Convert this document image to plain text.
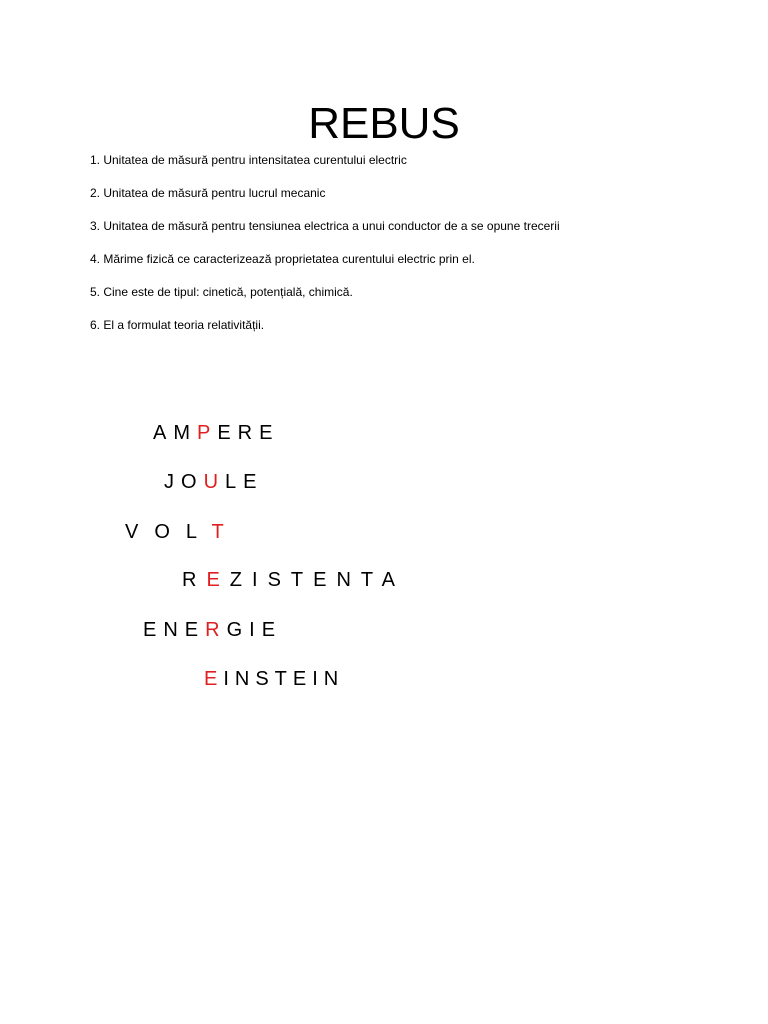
REBUS
1. Unitatea de măsură pentru intensitatea curentului electric
2. Unitatea de măsură pentru lucrul mecanic
3. Unitatea de măsură pentru tensiunea electrica a unui conductor de a se opune trecerii
4. Mărime fizică ce caracterizează proprietatea curentului electric prin el.
5. Cine este de tipul: cinetică, potențială, chimică.
6. El a formulat teoria relativității.
AMPERE
JOULE
VOLT
REZISTENTA
ENERGIE
EINSTEIN
